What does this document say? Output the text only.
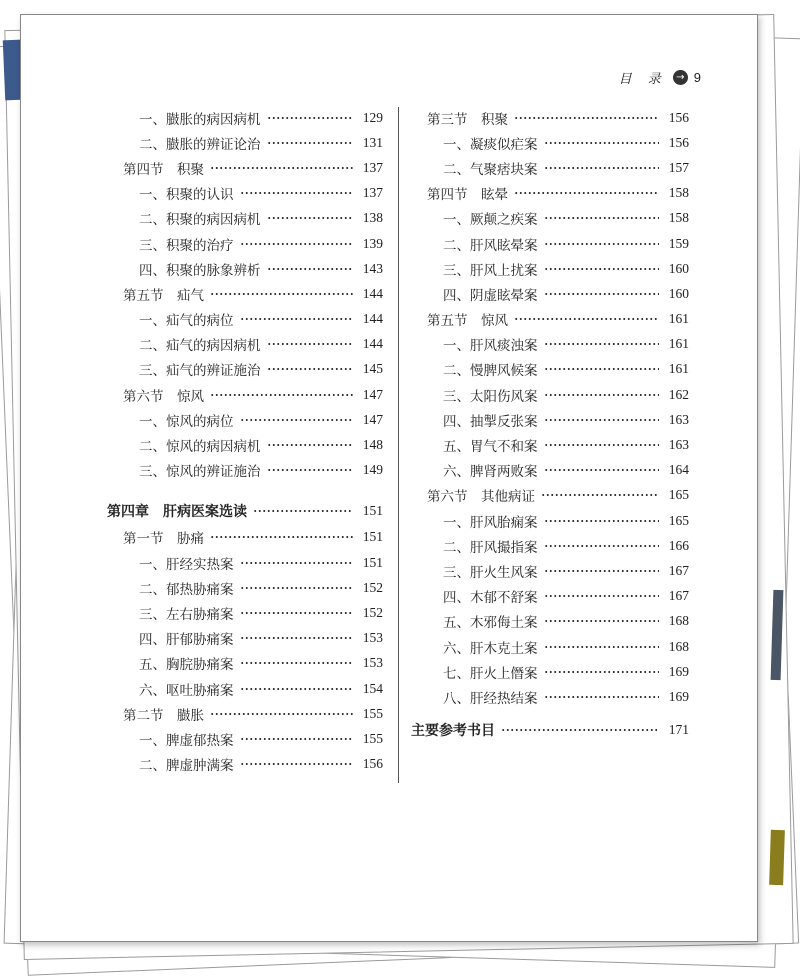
目 录 → 9
一、臌胀的病因病机	129
二、臌胀的辨证论治	131
第四节　积聚	137
一、积聚的认识	137
二、积聚的病因病机	138
三、积聚的治疗	139
四、积聚的脉象辨析	143
第五节　疝气	144
一、疝气的病位	144
二、疝气的病因病机	144
三、疝气的辨证施治	145
第六节　惊风	147
一、惊风的病位	147
二、惊风的病因病机	148
三、惊风的辨证施治	149
第四章　肝病医案选读	151
第一节　胁痛	151
一、肝经实热案	151
二、郁热胁痛案	152
三、左右胁痛案	152
四、肝郁胁痛案	153
五、胸脘胁痛案	153
六、呕吐胁痛案	154
第二节　臌胀	155
一、脾虚郁热案	155
二、脾虚肿满案	156
第三节　积聚	156
一、凝痰似疟案	156
二、气聚痞块案	157
第四节　眩晕	158
一、厥颠之疾案	158
二、肝风眩晕案	159
三、肝风上扰案	160
四、阴虚眩晕案	160
第五节　惊风	161
一、肝风痰浊案	161
二、慢脾风候案	161
三、太阳伤风案	162
四、抽掣反张案	163
五、胃气不和案	163
六、脾肾两败案	164
第六节　其他病证	165
一、肝风胎痫案	165
二、肝风撮指案	166
三、肝火生风案	167
四、木郁不舒案	167
五、木邪侮土案	168
六、肝木克土案	168
七、肝火上僭案	169
八、肝经热结案	169
主要参考书目	171
